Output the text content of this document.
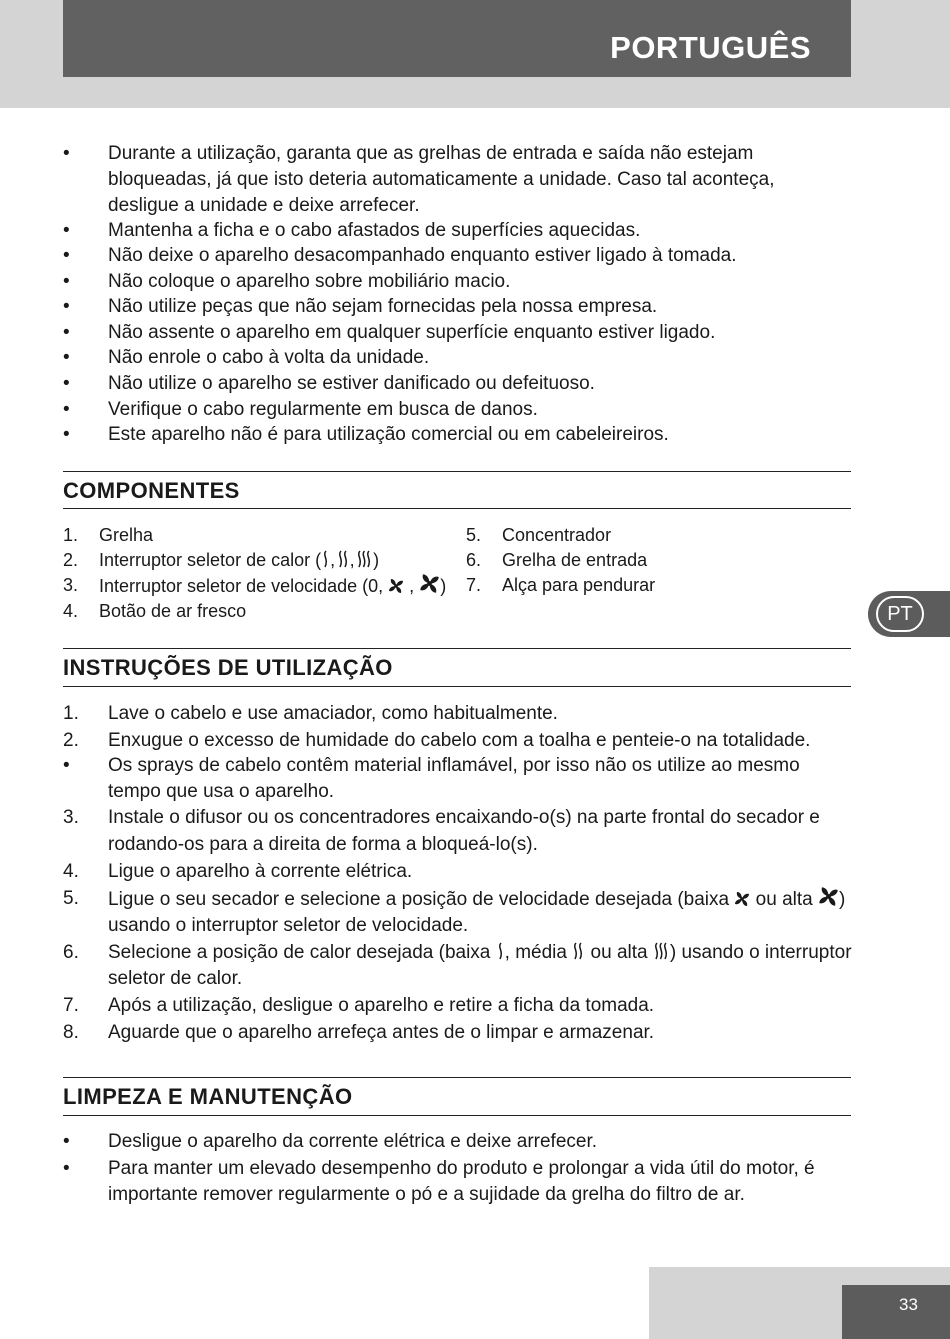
PORTUGUÊS
PT
• Durante a utilização, garanta que as grelhas de entrada e saída não estejam
bloqueadas, já que isto deteria automaticamente a unidade. Caso tal aconteça,
desligue a unidade e deixe arrefecer.
• Mantenha a ficha e o cabo afastados de superfícies aquecidas.
• Não deixe o aparelho desacompanhado enquanto estiver ligado à tomada.
• Não coloque o aparelho sobre mobiliário macio.
• Não utilize peças que não sejam fornecidas pela nossa empresa.
• Não assente o aparelho em qualquer superfície enquanto estiver ligado.
• Não enrole o cabo à volta da unidade.
• Não utilize o aparelho se estiver danificado ou defeituoso.
• Verifique o cabo regularmente em busca de danos.
• Este aparelho não é para utilização comercial ou em cabeleireiros.
COMPONENTES
1. Grelha
2. Interruptor seletor de calor ( , , )
3. Interruptor seletor de velocidade (0,  , )
4. Botão de ar fresco
5. Concentrador
6. Grelha de entrada
7. Alça para pendurar
INSTRUÇÕES DE UTILIZAÇÃO
1. Lave o cabelo e use amaciador, como habitualmente.
2. Enxugue o excesso de humidade do cabelo com a toalha e penteie-o na totalidade.
• Os sprays de cabelo contêm material inflamável, por isso não os utilize ao mesmo
tempo que usa o aparelho.
3. Instale o difusor ou os concentradores encaixando-o(s) na parte frontal do secador e
rodando-os para a direita de forma a bloqueá-lo(s).
4. Ligue o aparelho à corrente elétrica.
5. Ligue o seu secador e selecione a posição de velocidade desejada (baixa  ou alta )
usando o interruptor seletor de velocidade.
6. Selecione a posição de calor desejada (baixa , média  ou alta ) usando o interruptor
seletor de calor.
7. Após a utilização, desligue o aparelho e retire a ficha da tomada.
8. Aguarde que o aparelho arrefeça antes de o limpar e armazenar.
LIMPEZA E MANUTENÇÃO
• Desligue o aparelho da corrente elétrica e deixe arrefecer.
• Para manter um elevado desempenho do produto e prolongar a vida útil do motor, é
importante remover regularmente o pó e a sujidade da grelha do filtro de ar.
33
